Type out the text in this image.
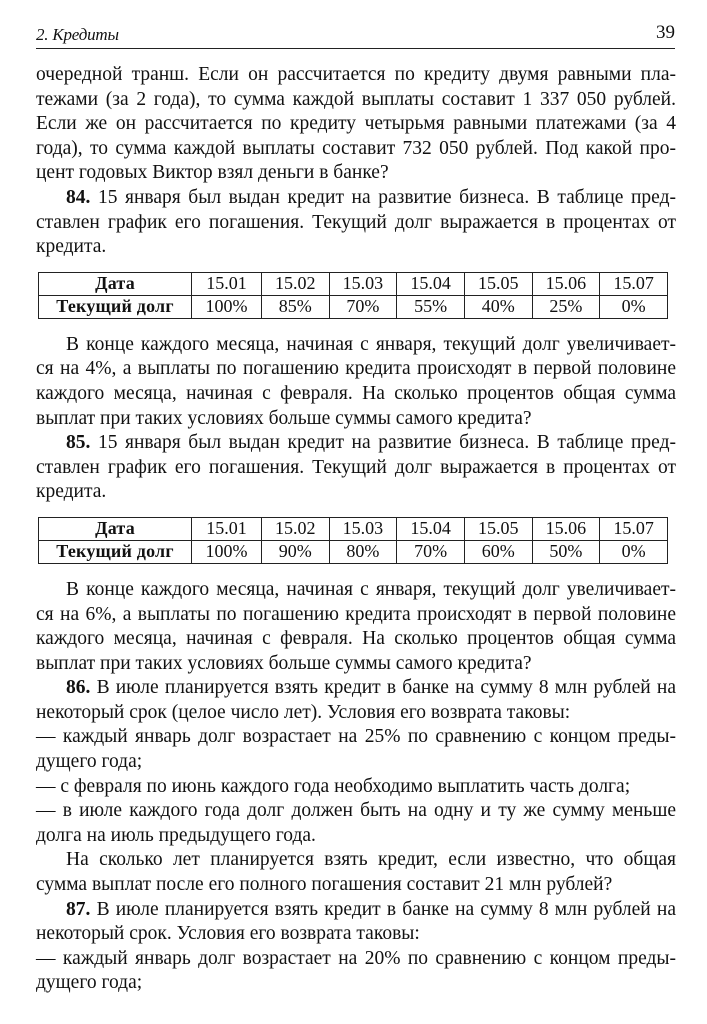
2. Кредиты	39
очередной транш. Если он рассчитается по кредиту двумя равными пла-
тежами (за 2 года), то сумма каждой выплаты составит 1 337 050 рублей.
Если же он рассчитается по кредиту четырьмя равными платежами (за 4
года), то сумма каждой выплаты составит 732 050 рублей. Под какой про-
цент годовых Виктор взял деньги в банке?
84. 15 января был выдан кредит на развитие бизнеса. В таблице пред-
ставлен график его погашения. Текущий долг выражается в процентах от
кредита.
Дата	15.01	15.02	15.03	15.04	15.05	15.06	15.07
Текущий долг	100%	85%	70%	55%	40%	25%	0%
В конце каждого месяца, начиная с января, текущий долг увеличивает-
ся на 4%, а выплаты по погашению кредита происходят в первой половине
каждого месяца, начиная с февраля. На сколько процентов общая сумма
выплат при таких условиях больше суммы самого кредита?
85. 15 января был выдан кредит на развитие бизнеса. В таблице пред-
ставлен график его погашения. Текущий долг выражается в процентах от
кредита.
Дата	15.01	15.02	15.03	15.04	15.05	15.06	15.07
Текущий долг	100%	90%	80%	70%	60%	50%	0%
В конце каждого месяца, начиная с января, текущий долг увеличивает-
ся на 6%, а выплаты по погашению кредита происходят в первой половине
каждого месяца, начиная с февраля. На сколько процентов общая сумма
выплат при таких условиях больше суммы самого кредита?
86. В июле планируется взять кредит в банке на сумму 8 млн рублей на
некоторый срок (целое число лет). Условия его возврата таковы:
— каждый январь долг возрастает на 25% по сравнению с концом преды-
дущего года;
— с февраля по июнь каждого года необходимо выплатить часть долга;
— в июле каждого года долг должен быть на одну и ту же сумму меньше
долга на июль предыдущего года.
На сколько лет планируется взять кредит, если известно, что общая
сумма выплат после его полного погашения составит 21 млн рублей?
87. В июле планируется взять кредит в банке на сумму 8 млн рублей на
некоторый срок. Условия его возврата таковы:
— каждый январь долг возрастает на 20% по сравнению с концом преды-
дущего года;
